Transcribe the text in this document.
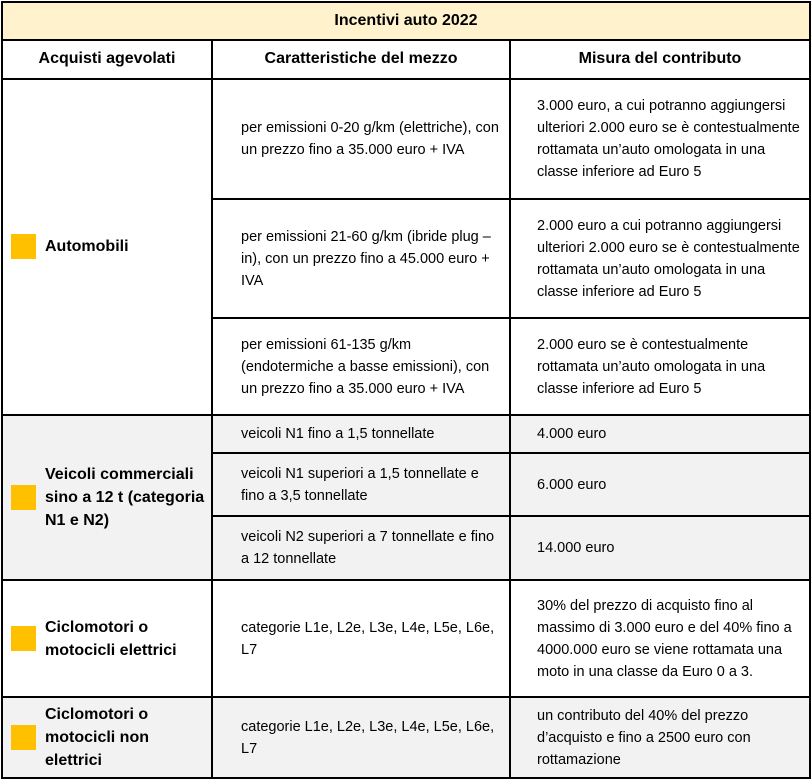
Incentivi auto 2022		
Acquisti agevolati	Caratteristiche del mezzo	Misura del contributo

Automobili	per emissioni 0-20 g/km (elettriche), con un prezzo fino a 35.000 euro + IVA	3.000 euro, a cui potranno aggiungersi ulteriori 2.000 euro se è contestualmente rottamata un’auto omologata in una classe inferiore ad Euro 5
	per emissioni 21-60 g/km (ibride plug – in), con un prezzo fino a 45.000 euro + IVA	2.000 euro a cui potranno aggiungersi ulteriori 2.000 euro se è contestualmente rottamata un’auto omologata in una classe inferiore ad Euro 5
	per emissioni 61-135 g/km (endotermiche a basse emissioni), con un prezzo fino a 35.000 euro + IVA	2.000 euro se è contestualmente rottamata un’auto omologata in una classe inferiore ad Euro 5

Veicoli commerciali sino a 12 t (categoria N1 e N2)	veicoli N1 fino a 1,5 tonnellate	4.000 euro
	veicoli N1 superiori a 1,5 tonnellate e fino a 3,5 tonnellate	6.000 euro
	veicoli N2 superiori a 7 tonnellate e fino a 12 tonnellate	14.000 euro

Ciclomotori o motocicli elettrici	categorie L1e, L2e, L3e, L4e, L5e, L6e, L7	30% del prezzo di acquisto fino al massimo di 3.000 euro e del 40% fino a 4000.000 euro se viene rottamata una moto in una classe da Euro 0 a 3.

Ciclomotori o motocicli non elettrici	categorie L1e, L2e, L3e, L4e, L5e, L6e, L7	un contributo del 40% del prezzo d’acquisto e fino a 2500 euro con rottamazione
